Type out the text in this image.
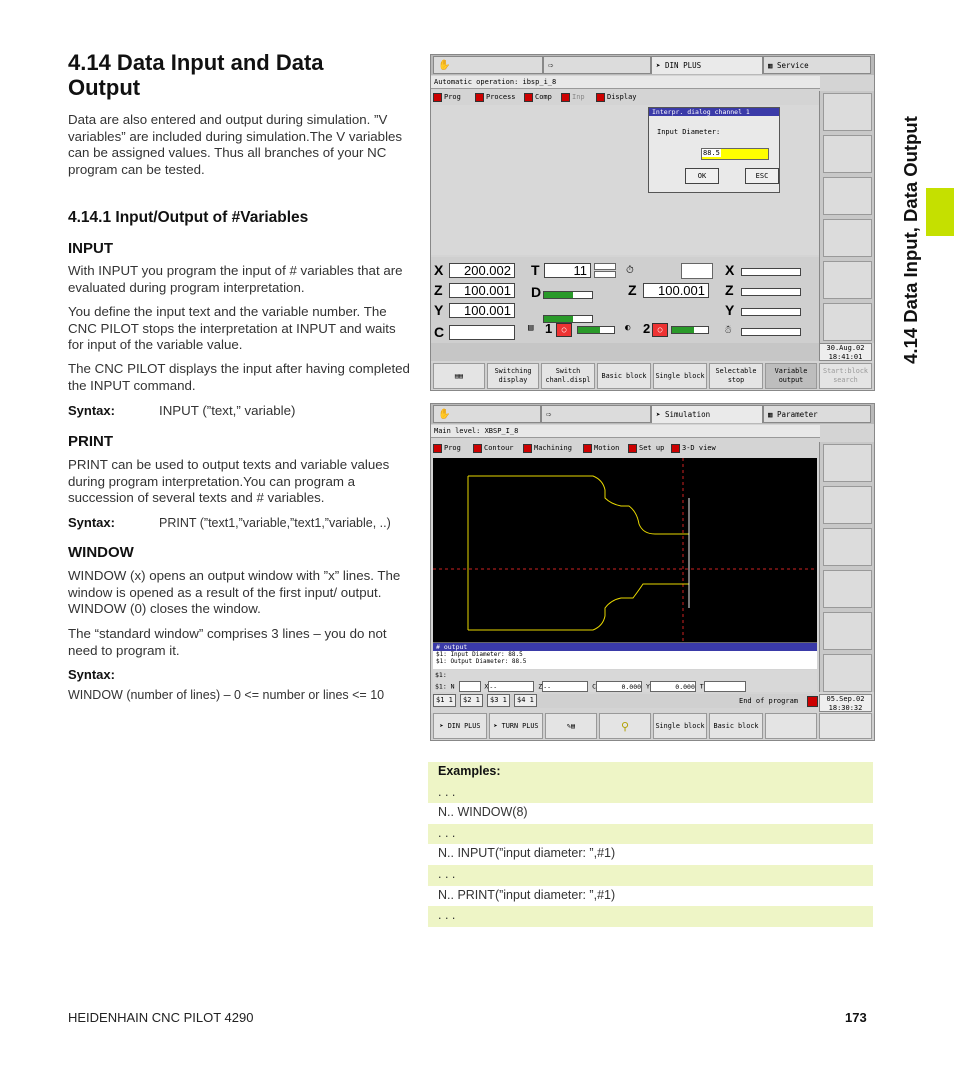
4.14 Data Input and Data Output
Data are also entered and output during simulation. ”V variables” are included during simulation.The V variables can be assigned values. Thus all branches of your NC program can be tested.
4.14.1 Input/Output of #Variables
INPUT
With INPUT you program the input of # variables that are evaluated during program interpretation.
You define the input text and the variable number. The CNC PILOT stops the interpretation at INPUT and waits for input of the variable value.
The CNC PILOT displays the input after having completed the INPUT command.
Syntax:	INPUT (”text,” variable)
PRINT
PRINT can be used to output texts and variable values during program interpretation.You can program a succession of several texts and # variables.
Syntax:	PRINT (”text1,”variable,”text1,”variable, ..)
WINDOW
WINDOW (x) opens an output window with ”x” lines. The window is opened as a result of the first input/ output. WINDOW (0) closes the window.
The “standard window” comprises 3 lines – you do not need to program it.
Syntax:
WINDOW (number of lines) – 0 <= number or lines <= 10
4.14 Data Input, Data Output
✋	⇨	➤ DIN PLUS	▦ Service
Automatic operation: ibsp_i_8
Prog	Process	Comp	Inp	Display
Interpr. dialog channel 1
Input Diameter:
88.5
OK	ESC
X	200.002
Z	100.001
Y	100.001
C
T	11
D
⏱
Z	100.001
▤ 1	○	◐ 2 ○
X
Z
Y
☃
30.Aug.02
18:41:01
▤▤
Switching display
Switch chanl.displ
Basic block	Single block
Selectable stop
Variable output
Start:block search
✋	⇨	➤ Simulation	▦ Parameter
Main level: XBSP_I_8
Prog	Contour	Machining	Motion	Set up	3-D view
# output
$1: Input Diameter: 88.5
$1: Output Diameter: 88.5
$1:
$1: N	X--	Z--	C	0.000 Y	0.000 T
$1 1	$2 1	$3 1	$4 1	End of program	05.Sep.02
18:30:32
➤ DIN PLUS ➤ TURN PLUS	✎▤	⚲	Single block	Basic block
Examples:
. . .
N.. WINDOW(8)
. . .
N.. INPUT(”input diameter: ”,#1)
. . .
N.. PRINT(”input diameter: ”,#1)
. . .
HEIDENHAIN CNC PILOT 4290	173
